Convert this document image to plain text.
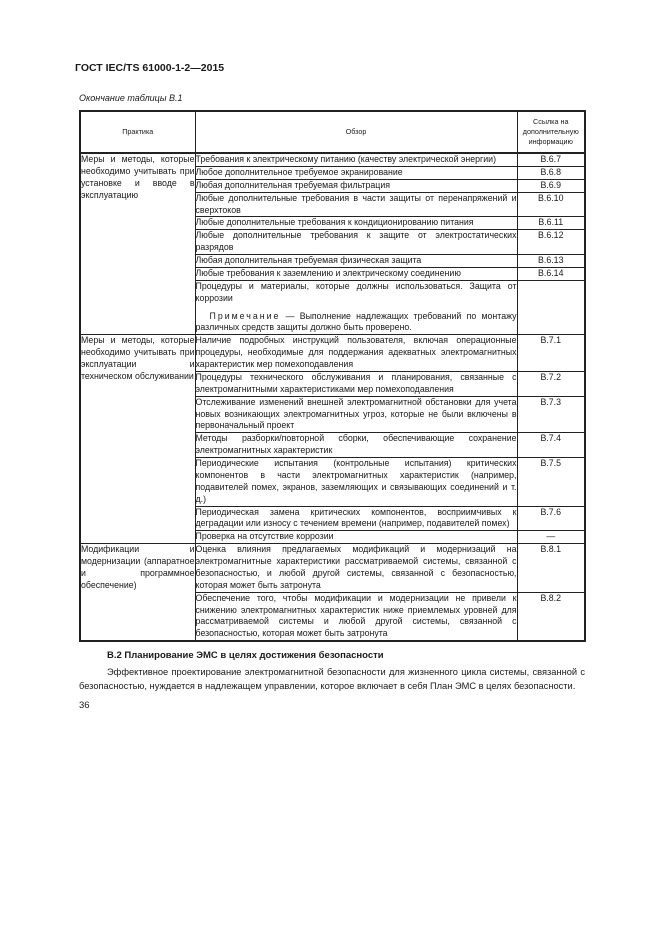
ГОСТ IEC/TS 61000-1-2—2015
Окончание таблицы В.1
Практика	Обзор	Ссылка на дополнительную информацию
Меры и методы, которые необходимо учитывать при установке и вводе в эксплуатацию	Требования к электрическому питанию (качеству электрической энергии)	В.6.7
	Любое дополнительное требуемое экранирование	В.6.8
	Любая дополнительная требуемая фильтрация	В.6.9
	Любые дополнительные требования в части защиты от перенапряжений и сверхтоков	В.6.10
	Любые дополнительные требования к кондиционированию питания	В.6.11
	Любые дополнительные требования к защите от электростатических разрядов	В.6.12
	Любая дополнительная требуемая физическая защита	В.6.13
	Любые требования к заземлению и электрическому соединению	В.6.14

	Процедуры и материалы, которые должны использоваться. Защита от коррозии
Примечание — Выполнение надлежащих требований по монтажу различных средств защиты должно быть проверено.	

Меры и методы, которые необходимо учитывать при эксплуатации и техническом обслуживании	Наличие подробных инструкций пользователя, включая операционные процедуры, необходимые для поддержания адекватных электромагнитных характеристик мер помехоподавления	В.7.1
	Процедуры технического обслуживания и планирования, связанные с электромагнитными характеристиками мер помехоподавления	В.7.2
	Отслеживание изменений внешней электромагнитной обстановки для учета новых возникающих электромагнитных угроз, которые не были включены в первоначальный проект	В.7.3
	Методы разборки/повторной сборки, обеспечивающие сохранение электромагнитных характеристик	В.7.4
	Периодические испытания (контрольные испытания) критических компонентов в части электромагнитных характеристик (например, подавителей помех, экранов, заземляющих и связывающих соединений и т. д.)	В.7.5
	Периодическая замена критических компонентов, восприимчивых к деградации или износу с течением времени (например, подавителей помех)	В.7.6
	Проверка на отсутствие коррозии	—
Модификации и модернизации (аппаратное и программное обеспечение)	Оценка влияния предлагаемых модификаций и модернизаций на электромагнитные характеристики рассматриваемой системы, связанной с безопасностью, и любой другой системы, связанной с безопасностью, которая может быть затронута	В.8.1
	Обеспечение того, чтобы модификации и модернизации не привели к снижению электромагнитных характеристик ниже приемлемых уровней для рассматриваемой системы и любой другой системы, связанной с безопасностью, которая может быть затронута	В.8.2
В.2 Планирование ЭМС в целях достижения безопасности
Эффективное проектирование электромагнитной безопасности для жизненного цикла системы, связанной с безопасностью, нуждается в надлежащем управлении, которое включает в себя План ЭМС в целях безопасности.
36
